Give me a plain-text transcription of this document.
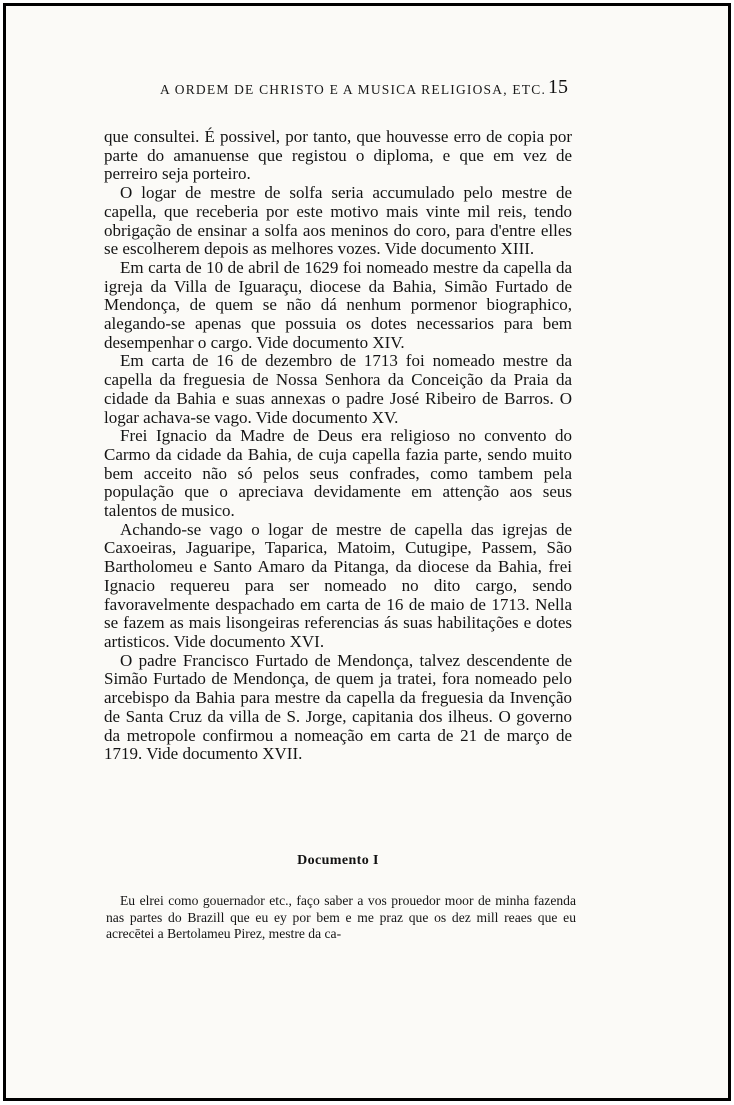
A ORDEM DE CHRISTO E A MUSICA RELIGIOSA, ETC. 15

que consultei. É possivel, por tanto, que houvesse erro de copia por parte do amanuense que registou o diploma, e que em vez de perreiro seja porteiro.

O logar de mestre de solfa seria accumulado pelo mestre de capella, que receberia por este motivo mais vinte mil reis, tendo obrigação de ensinar a solfa aos meninos do coro, para d'entre elles se escolherem depois as melhores vozes. Vide documento XIII.

Em carta de 10 de abril de 1629 foi nomeado mestre da capella da igreja da Villa de Iguaraçu, diocese da Bahia, Simão Furtado de Mendonça, de quem se não dá nenhum pormenor biographico, alegando-se apenas que possuia os dotes necessarios para bem desempenhar o cargo. Vide documento XIV.

Em carta de 16 de dezembro de 1713 foi nomeado mestre da capella da freguesia de Nossa Senhora da Conceição da Praia da cidade da Bahia e suas annexas o padre José Ribeiro de Barros. O logar achava-se vago. Vide documento XV.

Frei Ignacio da Madre de Deus era religioso no convento do Carmo da cidade da Bahia, de cuja capella fazia parte, sendo muito bem acceito não só pelos seus confrades, como tambem pela população que o apreciava devidamente em attenção aos seus talentos de musico.

Achando-se vago o logar de mestre de capella das igrejas de Caxoeiras, Jaguaripe, Taparica, Matoim, Cutugipe, Passem, São Bartholomeu e Santo Amaro da Pitanga, da diocese da Bahia, frei Ignacio requereu para ser nomeado no dito cargo, sendo favoravelmente despachado em carta de 16 de maio de 1713. Nella se fazem as mais lisongeiras referencias ás suas habilitações e dotes artisticos. Vide documento XVI.

O padre Francisco Furtado de Mendonça, talvez descendente de Simão Furtado de Mendonça, de quem ja tratei, fora nomeado pelo arcebispo da Bahia para mestre da capella da freguesia da Invenção de Santa Cruz da villa de S. Jorge, capitania dos ilheus. O governo da metropole confirmou a nomeação em carta de 21 de março de 1719. Vide documento XVII.

Documento I

Eu elrei como gouernador etc., faço saber a vos prouedor moor de minha fazenda nas partes do Brazill que eu ey por bem e me praz que os dez mill reaes que eu acrecētei a Bertolameu Pirez, mestre da ca-
